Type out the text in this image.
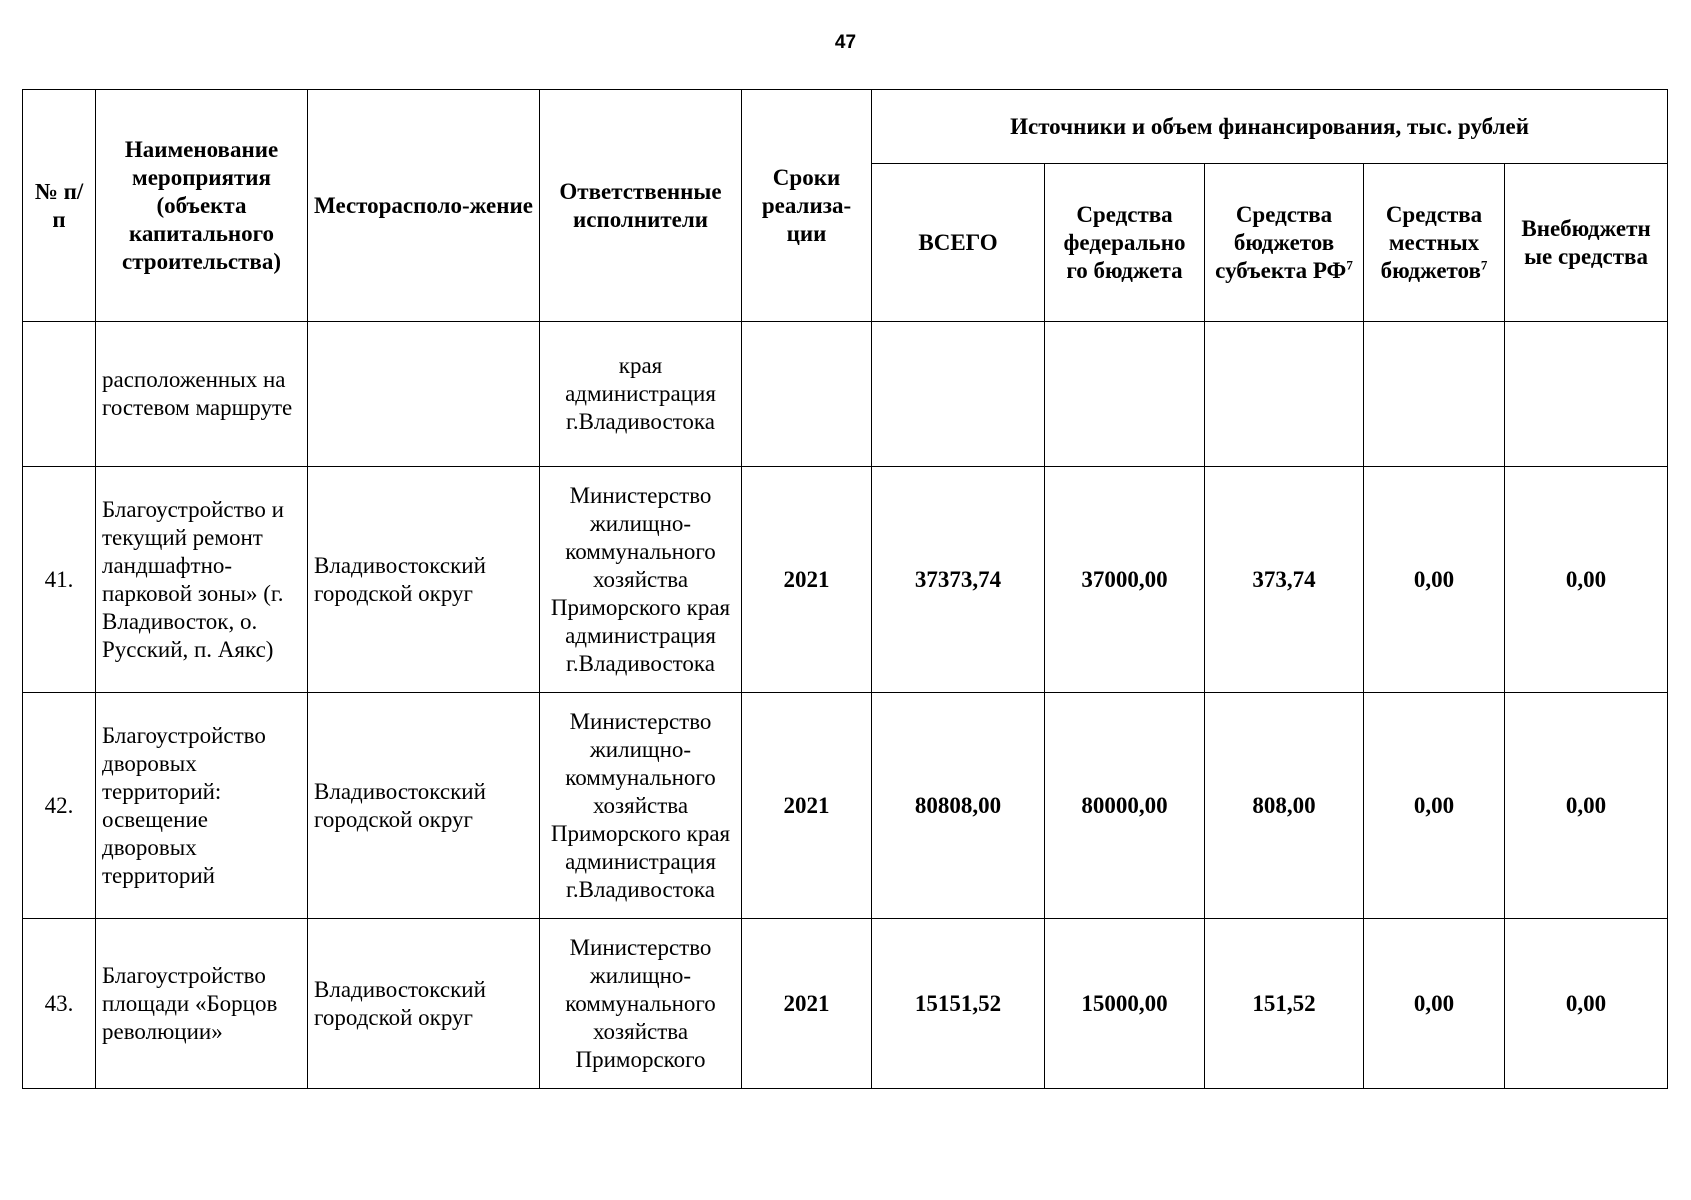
47
№ п/п	Наименование мероприятия (объекта капитального строительства)	Месторасполо-жение	Ответственные исполнители	Сроки реализа-ции	Источники и объем финансирования, тыс. рублей				
					ВСЕГО	Средства федерально го бюджета	Средства бюджетов субъекта $РФ^7$	Средства местных бюджетов$^7$	Внебюджетн ые средства
	расположенных на гостевом маршруте		края администрация г.Владивостока						
41.	Благоустройство и текущий ремонт ландшафтно-парковой зоны» (г. Владивосток, о. Русский, п. Аякс)	Владивостокский городской округ	Министерство жилищно-коммунального хозяйства Приморского края администрация г.Владивостока	2021	37373,74	37000,00	373,74	0,00	0,00
42.	Благоустройство дворовых территорий: освещение дворовых территорий	Владивостокский городской округ	Министерство жилищно-коммунального хозяйства Приморского края администрация г.Владивостока	2021	80808,00	80000,00	808,00	0,00	0,00
43.	Благоустройство площади «Борцов революции»	Владивостокский городской округ	Министерство жилищно-коммунального хозяйства Приморского	2021	15151,52	15000,00	151,52	0,00	0,00
